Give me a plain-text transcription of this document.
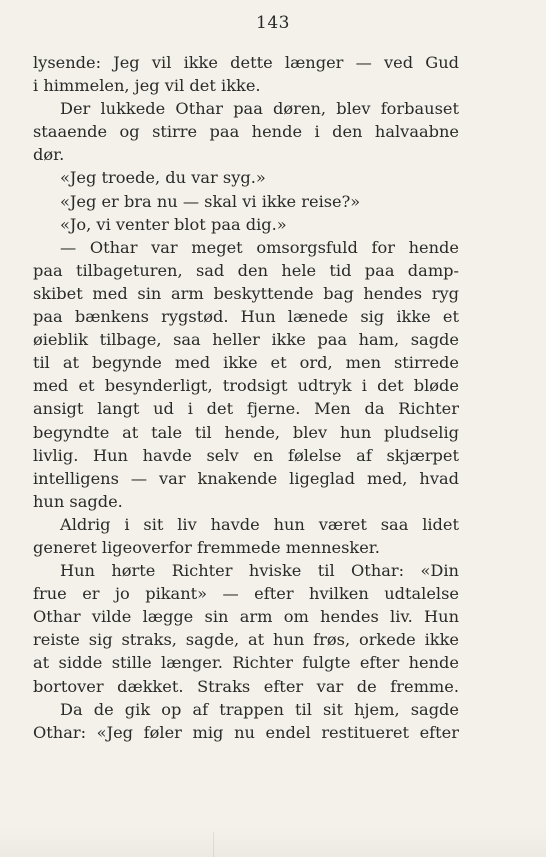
143
lysende: Jeg vil ikke dette længer — ved Gud
i himmelen, jeg vil det ikke.
Der lukkede Othar paa døren, blev forbauset
staaende og stirre paa hende i den halvaabne
dør.
«Jeg troede, du var syg.»
«Jeg er bra nu — skal vi ikke reise?»
«Jo, vi venter blot paa dig.»
— Othar var meget omsorgsfuld for hende
paa tilbageturen, sad den hele tid paa damp-
skibet med sin arm beskyttende bag hendes ryg
paa bænkens rygstød. Hun lænede sig ikke et
øieblik tilbage, saa heller ikke paa ham, sagde
til at begynde med ikke et ord, men stirrede
med et besynderligt, trodsigt udtryk i det bløde
ansigt langt ud i det fjerne. Men da Richter
begyndte at tale til hende, blev hun pludselig
livlig. Hun havde selv en følelse af skjærpet
intelligens — var knakende ligeglad med, hvad
hun sagde.
Aldrig i sit liv havde hun været saa lidet
generet ligeoverfor fremmede mennesker.
Hun hørte Richter hviske til Othar: «Din
frue er jo pikant» — efter hvilken udtalelse
Othar vilde lægge sin arm om hendes liv. Hun
reiste sig straks, sagde, at hun frøs, orkede ikke
at sidde stille længer. Richter fulgte efter hende
bortover dækket. Straks efter var de fremme.
Da de gik op af trappen til sit hjem, sagde
Othar: «Jeg føler mig nu endel restitueret efter
